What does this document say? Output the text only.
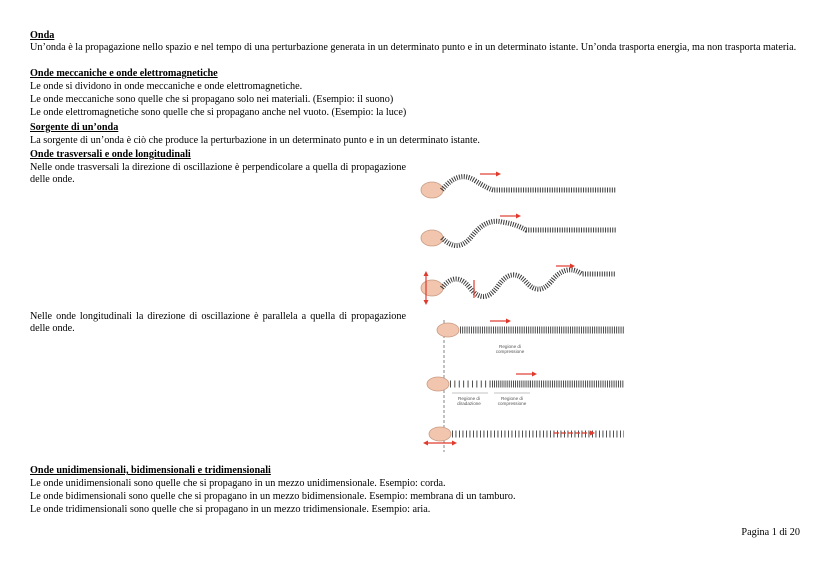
Onda
Un’onda è la propagazione nello spazio e nel tempo di una perturbazione generata in un determinato punto e in un determinato istante. Un’onda trasporta energia, ma non trasporta materia.
Onde meccaniche e onde elettromagnetiche
Le onde si dividono in onde meccaniche e onde elettromagnetiche.
Le onde meccaniche sono quelle che si propagano solo nei materiali. (Esempio: il suono)
Le onde elettromagnetiche sono quelle che si propagano anche nel vuoto. (Esempio: la luce)
Sorgente di un’onda
La sorgente di un’onda è ciò che produce la perturbazione in un determinato punto e in un determinato istante.
Onde trasversali e onde longitudinali
Nelle onde trasversali la direzione di oscillazione è perpendicolare a quella di propagazione delle onde.
Nelle onde longitudinali la direzione di oscillazione è parallela a quella di propagazione delle onde.
Regione di compressione
Regione di diradazione
Regione di compressione
Onde unidimensionali, bidimensionali e tridimensionali
Le onde unidimensionali sono quelle che si propagano in un mezzo unidimensionale. Esempio: corda.
Le onde bidimensionali sono quelle che si propagano in un mezzo bidimensionale. Esempio: membrana di un tamburo.
Le onde tridimensionali sono quelle che si propagano in un mezzo tridimensionale. Esempio: aria.
Pagina 1 di 20
